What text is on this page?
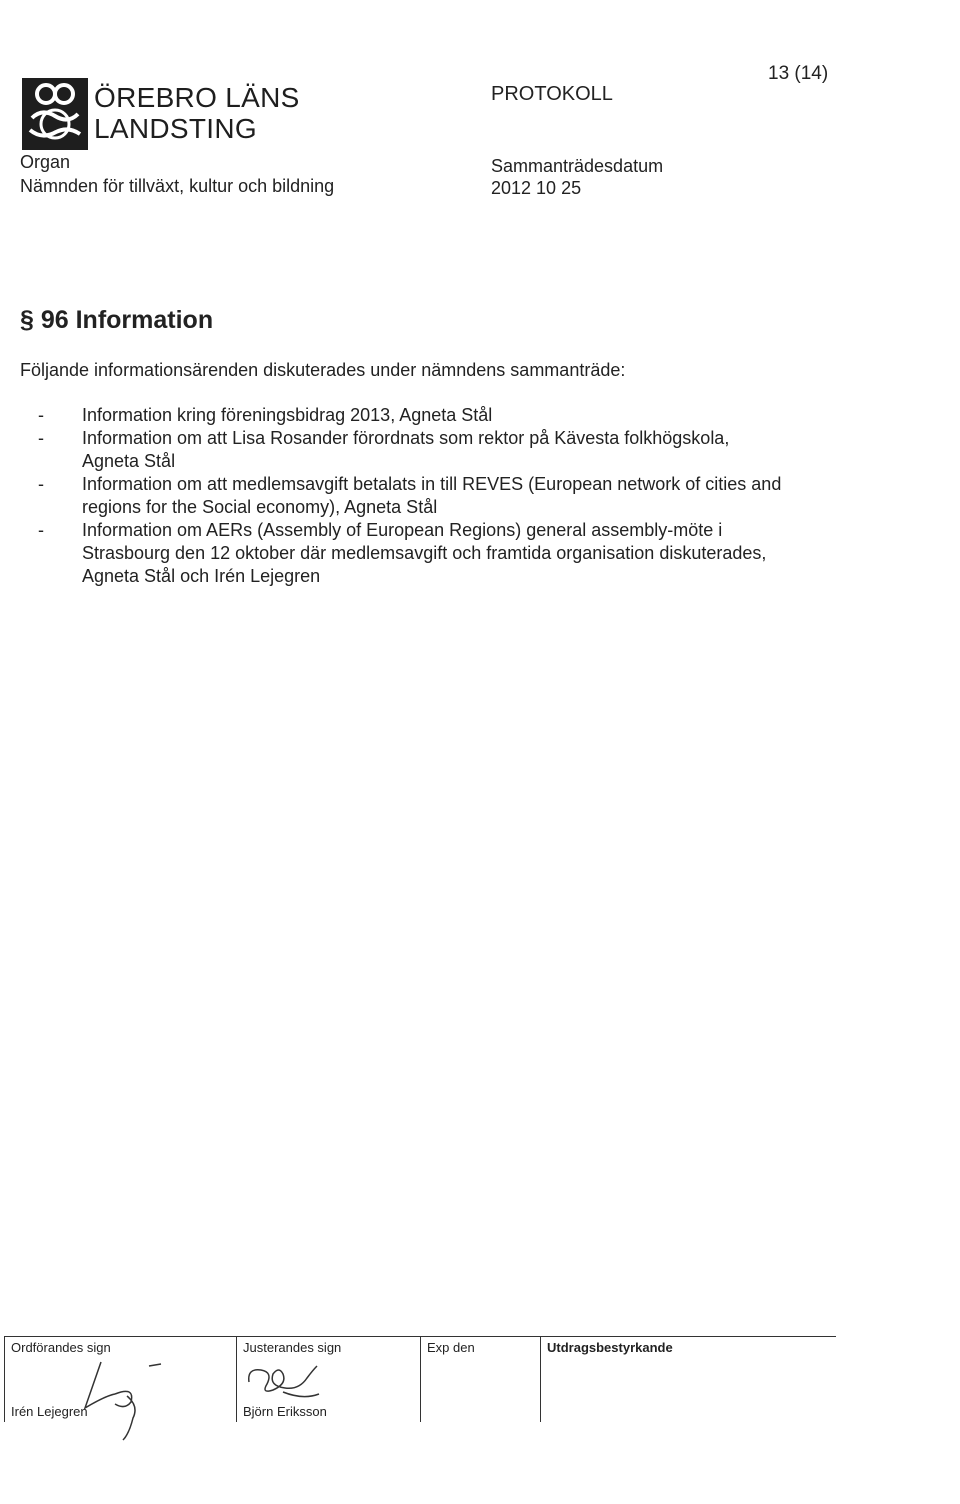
ÖREBRO LÄNS
LANDSTING
Organ
Nämnden för tillväxt, kultur och bildning
PROTOKOLL
13 (14)
Sammanträdesdatum
2012 10 25
§ 96 Information
Följande informationsärenden diskuterades under nämndens sammanträde:
- Information kring föreningsbidrag 2013, Agneta Stål
- Information om att Lisa Rosander förordnats som rektor på Kävesta folkhögskola,
Agneta Stål
- Information om att medlemsavgift betalats in till REVES (European network of cities and
regions for the Social economy), Agneta Stål
- Information om AERs (Assembly of European Regions) general assembly-möte i
Strasbourg den 12 oktober där medlemsavgift och framtida organisation diskuterades,
Agneta Stål och Irén Lejegren
Ordförandes sign
Irén Lejegren
Justerandes sign
Björn Eriksson
Exp den	Utdragsbestyrkande
